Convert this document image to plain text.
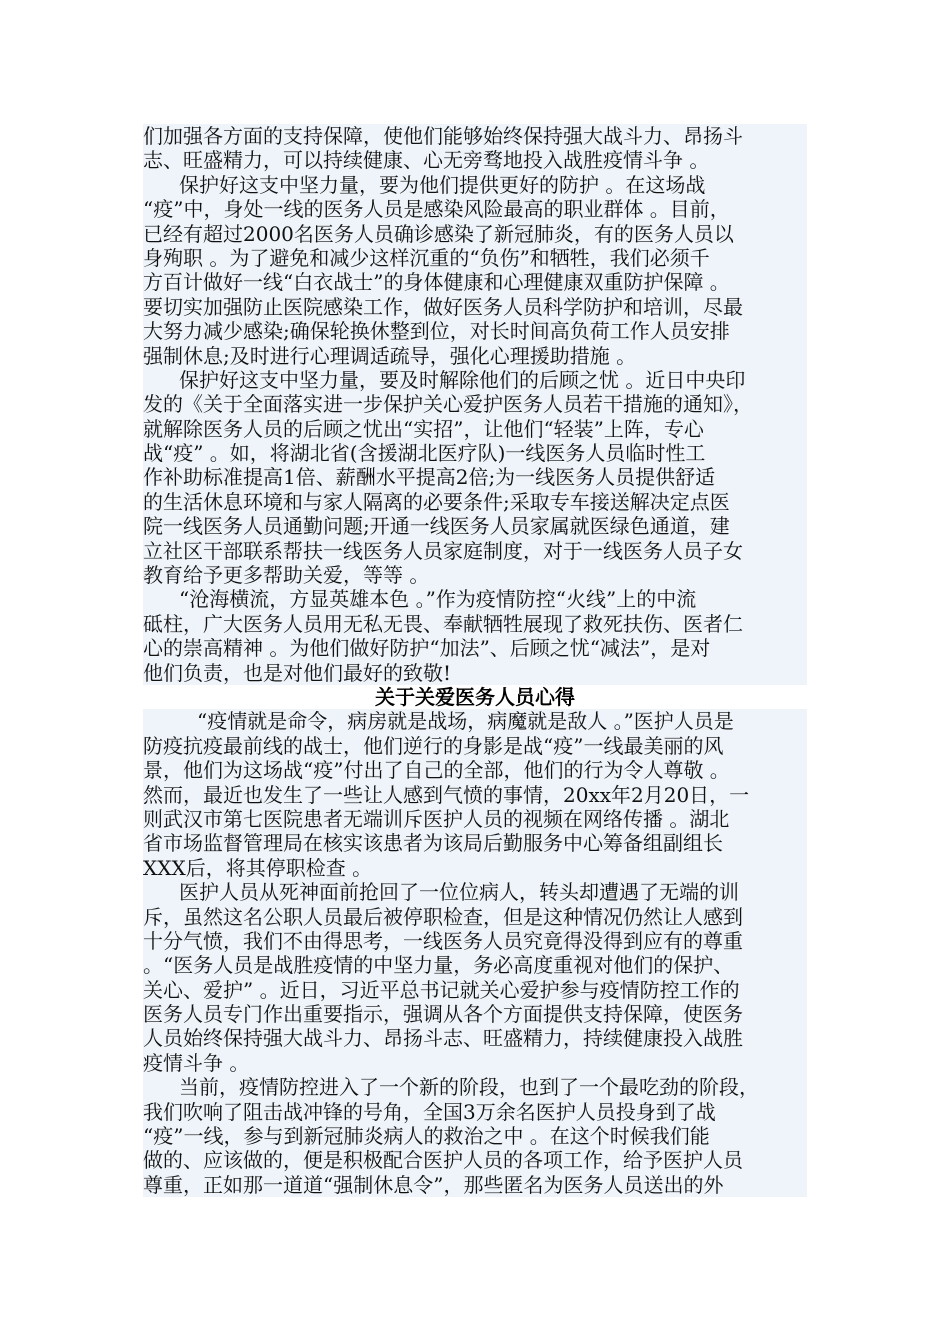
们加强各方面的支持保障，使他们能够始终保持强大战斗力、昂扬斗
志、旺盛精力，可以持续健康、心无旁骛地投入战胜疫情斗争 。
保护好这支中坚力量，要为他们提供更好的防护 。在这场战
“疫”中，身处一线的医务人员是感染风险最高的职业群体 。目前，
已经有超过2000名医务人员确诊感染了新冠肺炎，有的医务人员以
身殉职 。为了避免和减少这样沉重的“负伤”和牺牲，我们必须千
方百计做好一线“白衣战士”的身体健康和心理健康双重防护保障 。
要切实加强防止医院感染工作，做好医务人员科学防护和培训，尽最
大努力减少感染;确保轮换休整到位，对长时间高负荷工作人员安排
强制休息;及时进行心理调适疏导，强化心理援助措施 。
保护好这支中坚力量，要及时解除他们的后顾之忧 。近日中央印
发的《关于全面落实进一步保护关心爱护医务人员若干措施的通知》，
就解除医务人员的后顾之忧出“实招”，让他们“轻装”上阵，专心
战“疫” 。如，将湖北省(含援湖北医疗队)一线医务人员临时性工
作补助标准提高1倍、薪酬水平提高2倍;为一线医务人员提供舒适
的生活休息环境和与家人隔离的必要条件;采取专车接送解决定点医
院一线医务人员通勤问题;开通一线医务人员家属就医绿色通道，建
立社区干部联系帮扶一线医务人员家庭制度，对于一线医务人员子女
教育给予更多帮助关爱，等等 。
“沧海横流，方显英雄本色 。”作为疫情防控“火线”上的中流
砥柱，广大医务人员用无私无畏、奉献牺牲展现了救死扶伤、医者仁
心的崇高精神 。为他们做好防护“加法”、后顾之忧“减法”，是对
他们负责，也是对他们最好的致敬!
关于关爱医务人员心得
“疫情就是命令，病房就是战场，病魔就是敌人 。”医护人员是
防疫抗疫最前线的战士，他们逆行的身影是战“疫”一线最美丽的风
景，他们为这场战“疫”付出了自己的全部，他们的行为令人尊敬 。
然而，最近也发生了一些让人感到气愤的事情，20xx年2月20日，一
则武汉市第七医院患者无端训斥医护人员的视频在网络传播 。湖北
省市场监督管理局在核实该患者为该局后勤服务中心筹备组副组长
XXX后，将其停职检查 。
医护人员从死神面前抢回了一位位病人，转头却遭遇了无端的训
斥，虽然这名公职人员最后被停职检查，但是这种情况仍然让人感到
十分气愤，我们不由得思考，一线医务人员究竟得没得到应有的尊重
。“医务人员是战胜疫情的中坚力量，务必高度重视对他们的保护、
关心、爱护” 。近日，习近平总书记就关心爱护参与疫情防控工作的
医务人员专门作出重要指示，强调从各个方面提供支持保障，使医务
人员始终保持强大战斗力、昂扬斗志、旺盛精力，持续健康投入战胜
疫情斗争 。
当前，疫情防控进入了一个新的阶段，也到了一个最吃劲的阶段，
我们吹响了阻击战冲锋的号角，全国3万余名医护人员投身到了战
“疫”一线，参与到新冠肺炎病人的救治之中 。在这个时候我们能
做的、应该做的，便是积极配合医护人员的各项工作，给予医护人员
尊重，正如那一道道“强制休息令”，那些匿名为医务人员送出的外
